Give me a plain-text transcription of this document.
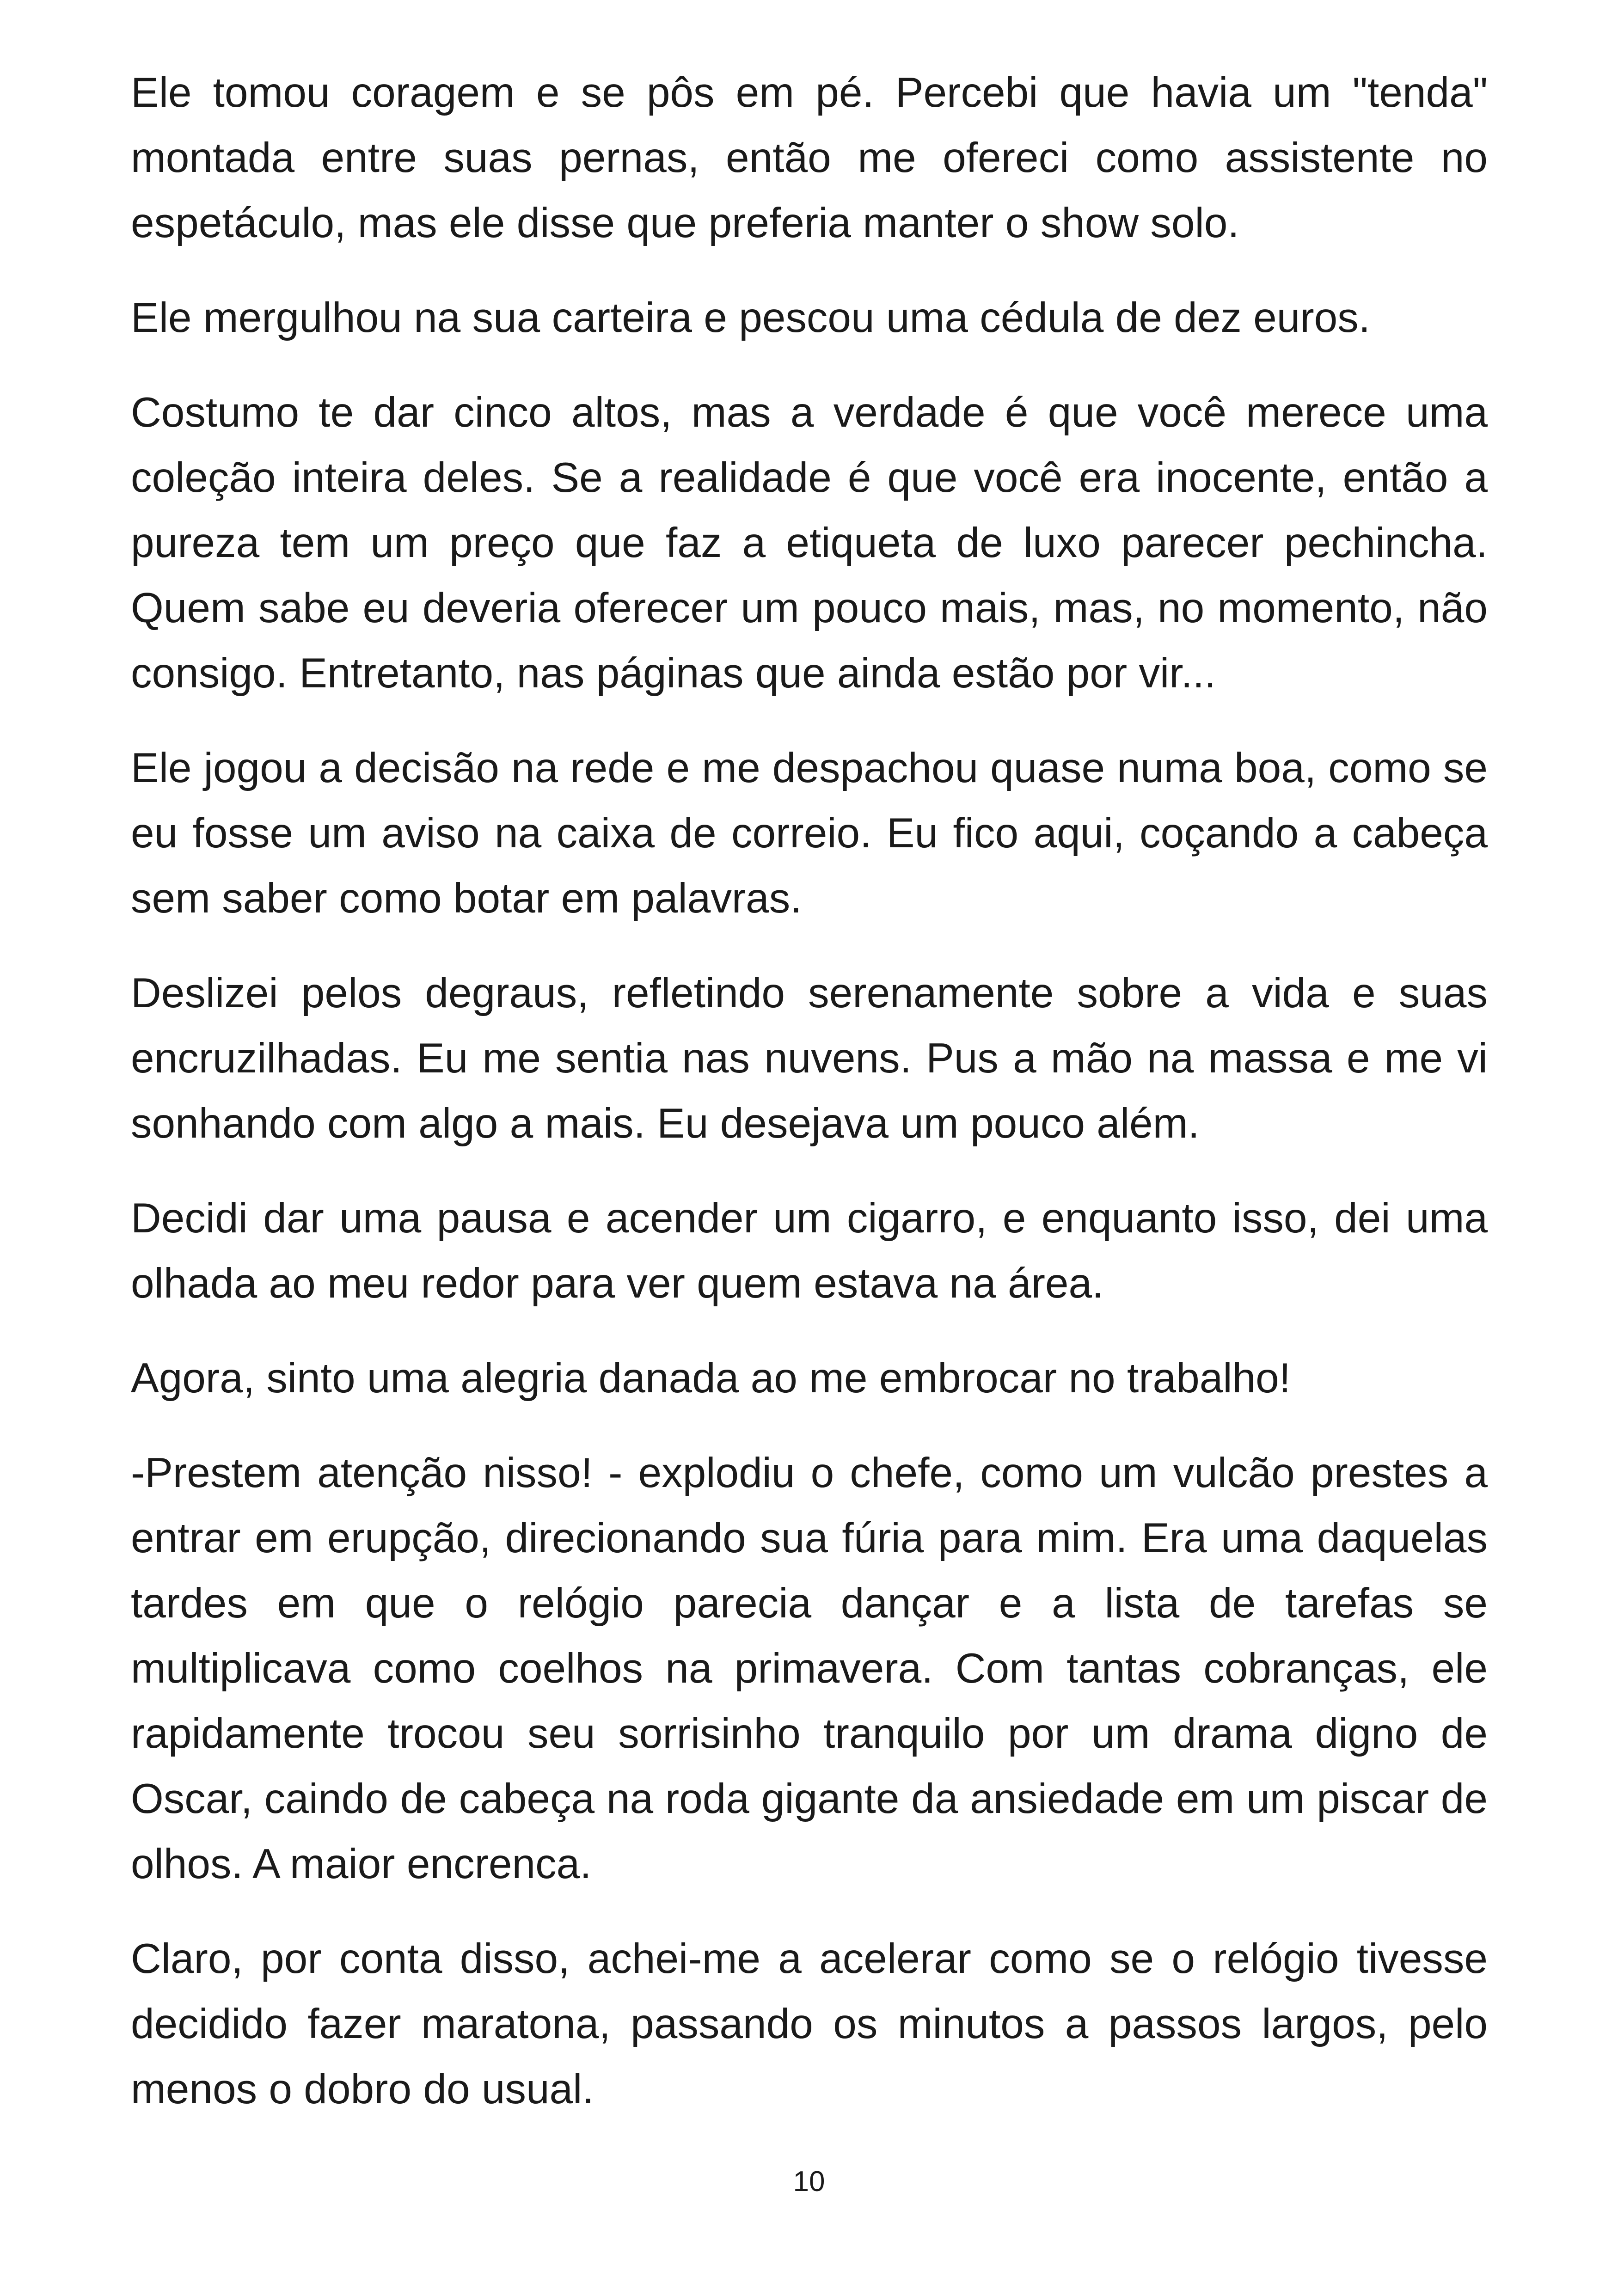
Ele tomou coragem e se pôs em pé. Percebi que havia um "tenda" montada entre suas pernas, então me ofereci como assistente no espetáculo, mas ele disse que preferia manter o show solo.

Ele mergulhou na sua carteira e pescou uma cédula de dez euros.

Costumo te dar cinco altos, mas a verdade é que você merece uma coleção inteira deles. Se a realidade é que você era inocente, então a pureza tem um preço que faz a etiqueta de luxo parecer pechincha. Quem sabe eu deveria oferecer um pouco mais, mas, no momento, não consigo. Entretanto, nas páginas que ainda estão por vir...

Ele jogou a decisão na rede e me despachou quase numa boa, como se eu fosse um aviso na caixa de correio. Eu fico aqui, coçando a cabeça sem saber como botar em palavras.

Deslizei pelos degraus, refletindo serenamente sobre a vida e suas encruzilhadas. Eu me sentia nas nuvens. Pus a mão na massa e me vi sonhando com algo a mais. Eu desejava um pouco além.

Decidi dar uma pausa e acender um cigarro, e enquanto isso, dei uma olhada ao meu redor para ver quem estava na área.

Agora, sinto uma alegria danada ao me embrocar no trabalho!

-Prestem atenção nisso! - explodiu o chefe, como um vulcão prestes a entrar em erupção, direcionando sua fúria para mim. Era uma daquelas tardes em que o relógio parecia dançar e a lista de tarefas se multiplicava como coelhos na primavera. Com tantas cobranças, ele rapidamente trocou seu sorrisinho tranquilo por um drama digno de Oscar, caindo de cabeça na roda gigante da ansiedade em um piscar de olhos. A maior encrenca.

Claro, por conta disso, achei-me a acelerar como se o relógio tivesse decidido fazer maratona, passando os minutos a passos largos, pelo menos o dobro do usual.

10
